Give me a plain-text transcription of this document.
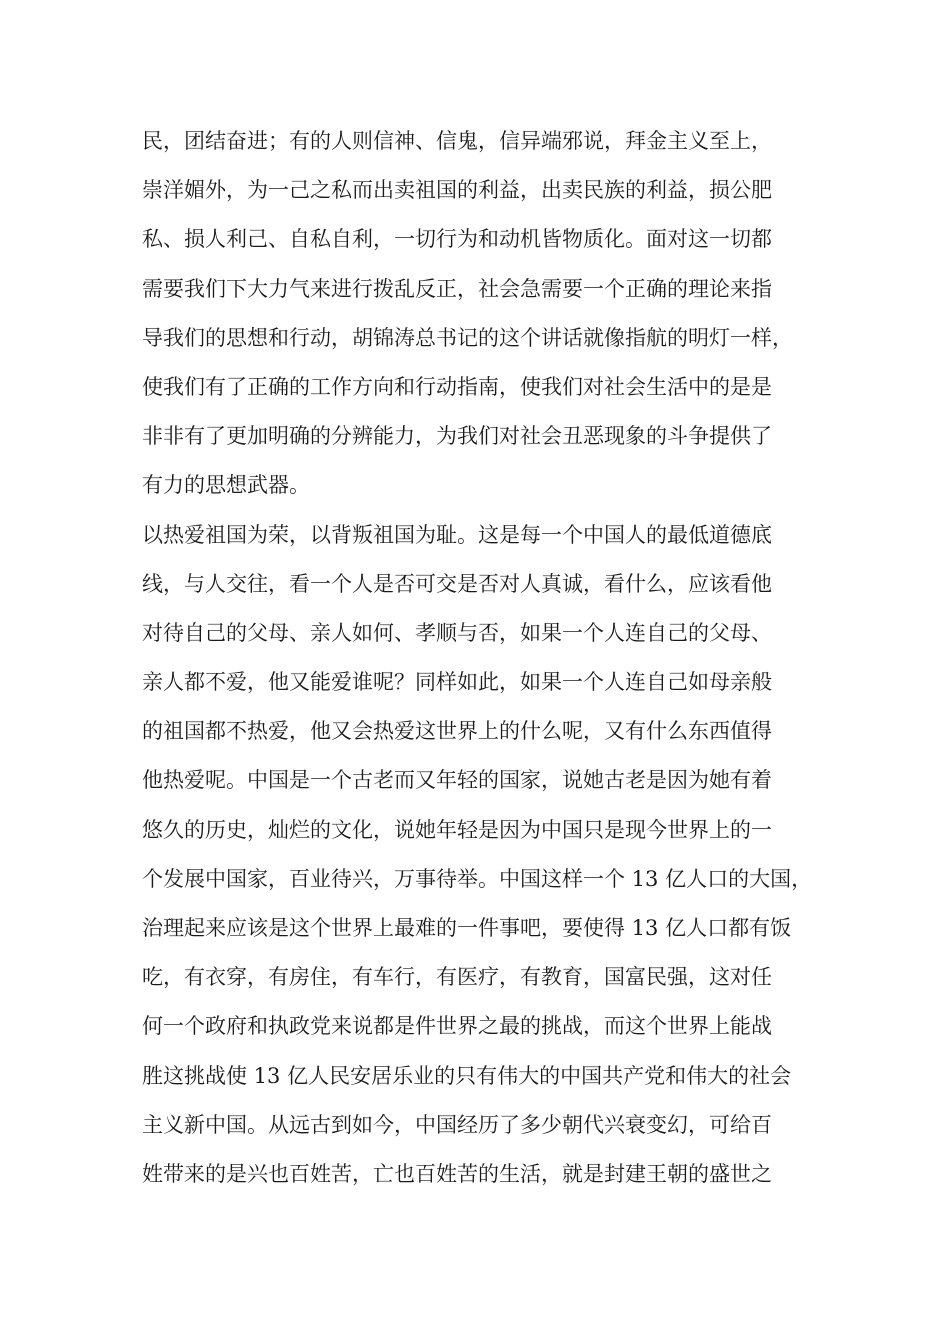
民，团结奋进；有的人则信神、信鬼，信异端邪说，拜金主义至上，
崇洋媚外，为一己之私而出卖祖国的利益，出卖民族的利益，损公肥
私、损人利己、自私自利，一切行为和动机皆物质化。面对这一切都
需要我们下大力气来进行拨乱反正，社会急需要一个正确的理论来指
导我们的思想和行动，胡锦涛总书记的这个讲话就像指航的明灯一样，
使我们有了正确的工作方向和行动指南，使我们对社会生活中的是是
非非有了更加明确的分辨能力，为我们对社会丑恶现象的斗争提供了
有力的思想武器。
以热爱祖国为荣，以背叛祖国为耻。这是每一个中国人的最低道德底
线，与人交往，看一个人是否可交是否对人真诚，看什么，应该看他
对待自己的父母、亲人如何、孝顺与否，如果一个人连自己的父母、
亲人都不爱，他又能爱谁呢？同样如此，如果一个人连自己如母亲般
的祖国都不热爱，他又会热爱这世界上的什么呢，又有什么东西值得
他热爱呢。中国是一个古老而又年轻的国家，说她古老是因为她有着
悠久的历史，灿烂的文化，说她年轻是因为中国只是现今世界上的一
个发展中国家，百业待兴，万事待举。中国这样一个 13 亿人口的大国，
治理起来应该是这个世界上最难的一件事吧，要使得 13 亿人口都有饭
吃，有衣穿，有房住，有车行，有医疗，有教育，国富民强，这对任
何一个政府和执政党来说都是件世界之最的挑战，而这个世界上能战
胜这挑战使 13 亿人民安居乐业的只有伟大的中国共产党和伟大的社会
主义新中国。从远古到如今，中国经历了多少朝代兴衰变幻，可给百
姓带来的是兴也百姓苦，亡也百姓苦的生活，就是封建王朝的盛世之
